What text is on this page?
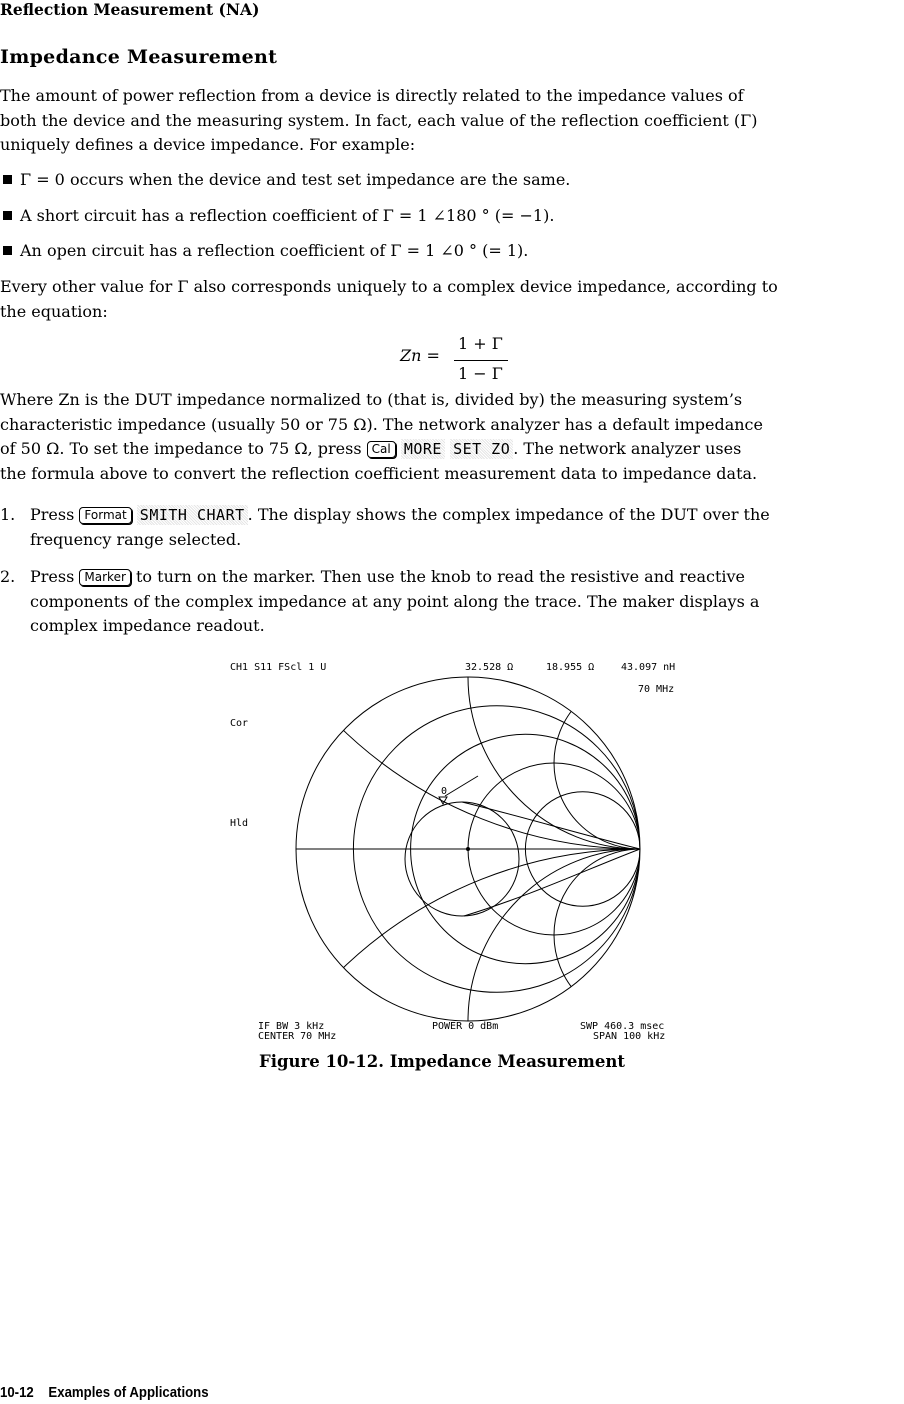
Reflection Measurement (NA)
Impedance Measurement

The amount of power reflection from a device is directly related to the impedance values of

both the device and the measuring system. In fact, each value of the reflection coefficient (Γ)

uniquely defines a device impedance. For example:

Γ = 0 occurs when the device and test set impedance are the same.
A short circuit has a reflection coefficient of Γ = 1 ∠180 ° (= −1).
An open circuit has a reflection coefficient of Γ = 1 ∠0 ° (= 1).

Every other value for Γ also corresponds uniquely to a complex device impedance, according to

the equation:

Zn =
1 + Γ
1 − Γ

Where Zn is the DUT impedance normalized to (that is, divided by) the measuring system’s

characteristic impedance (usually 50 or 75 Ω). The network analyzer has a default impedance

of 50 Ω. To set the impedance to 75 Ω, press Cal MORE SET ZO . The network analyzer uses

the formula above to convert the reflection coefficient measurement data to impedance data.

1. Press Format SMITH CHART . The display shows the complex impedance of the DUT over the
frequency range selected.
2. Press Marker to turn on the marker. Then use the knob to read the resistive and reactive
components of the complex impedance at any point along the trace. The maker displays a
complex impedance readout.
CH1 S11 FScl 1 U	32.528 Ω	18.955 Ω	43.097 nH
70 MHz
Cor
Hld
0
IF BW 3 kHz
CENTER 70 MHz
POWER 0 dBm	SWP 460.3 msec
SPAN 100 kHz
Figure 10-12. Impedance Measurement
10-12    Examples of Applications
